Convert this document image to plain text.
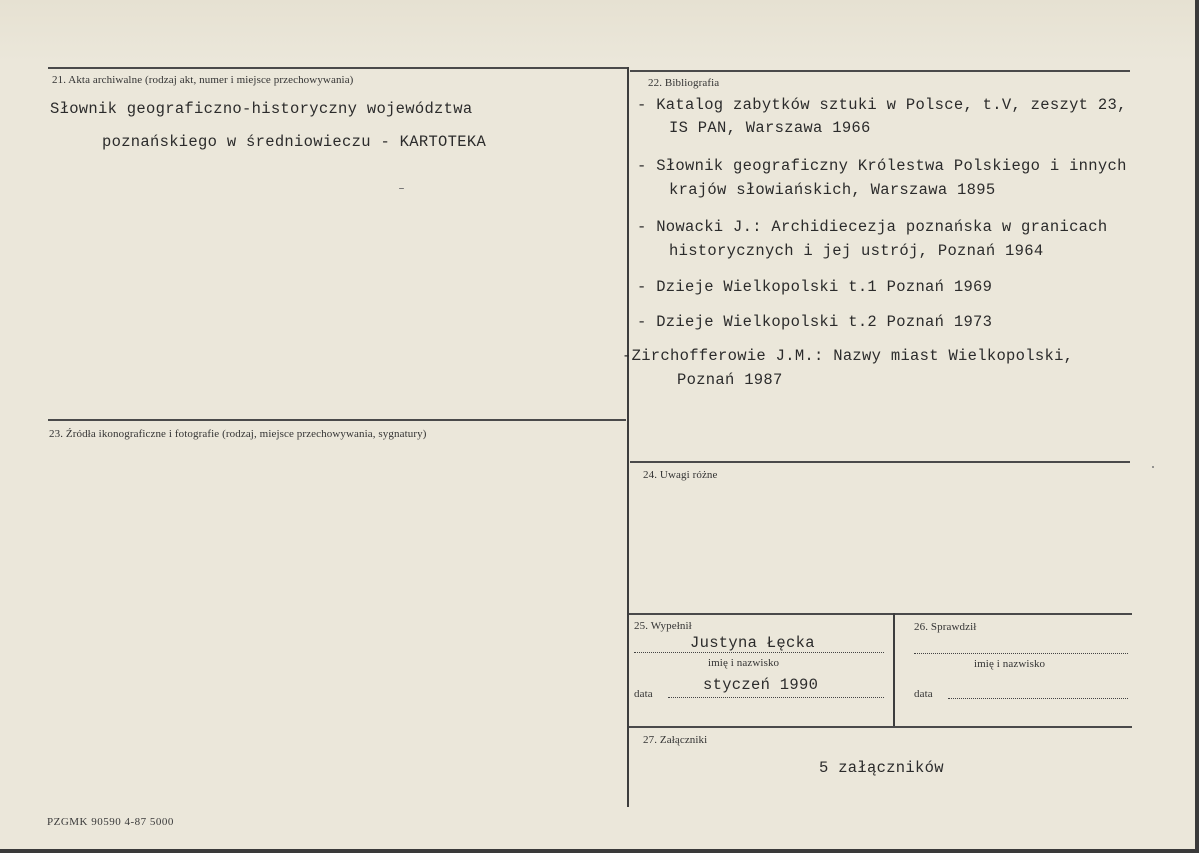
21. Akta archiwalne (rodzaj akt, numer i miejsce przechowywania)
Słownik geograficzno-historyczny województwa
poznańskiego w średniowieczu - KARTOTEKA
22. Bibliografia
- Katalog zabytków sztuki w Polsce, t.V, zeszyt 23,
IS PAN, Warszawa 1966
- Słownik geograficzny Królestwa Polskiego i innych
krajów słowiańskich, Warszawa 1895
- Nowacki J.: Archidiecezja poznańska w granicach
historycznych i jej ustrój, Poznań 1964
- Dzieje Wielkopolski t.1 Poznań 1969
- Dzieje Wielkopolski t.2 Poznań 1973
-Zirchofferowie J.M.: Nazwy miast Wielkopolski,
Poznań 1987
23. Źródła ikonograficzne i fotografie (rodzaj, miejsce przechowywania, sygnatury)
24. Uwagi różne
25. Wypełnił
Justyna Łęcka
imię i nazwisko
data	styczeń 1990
26. Sprawdził
imię i nazwisko
data
27. Załączniki
5 załączników
PZGMK 90590 4-87 5000
